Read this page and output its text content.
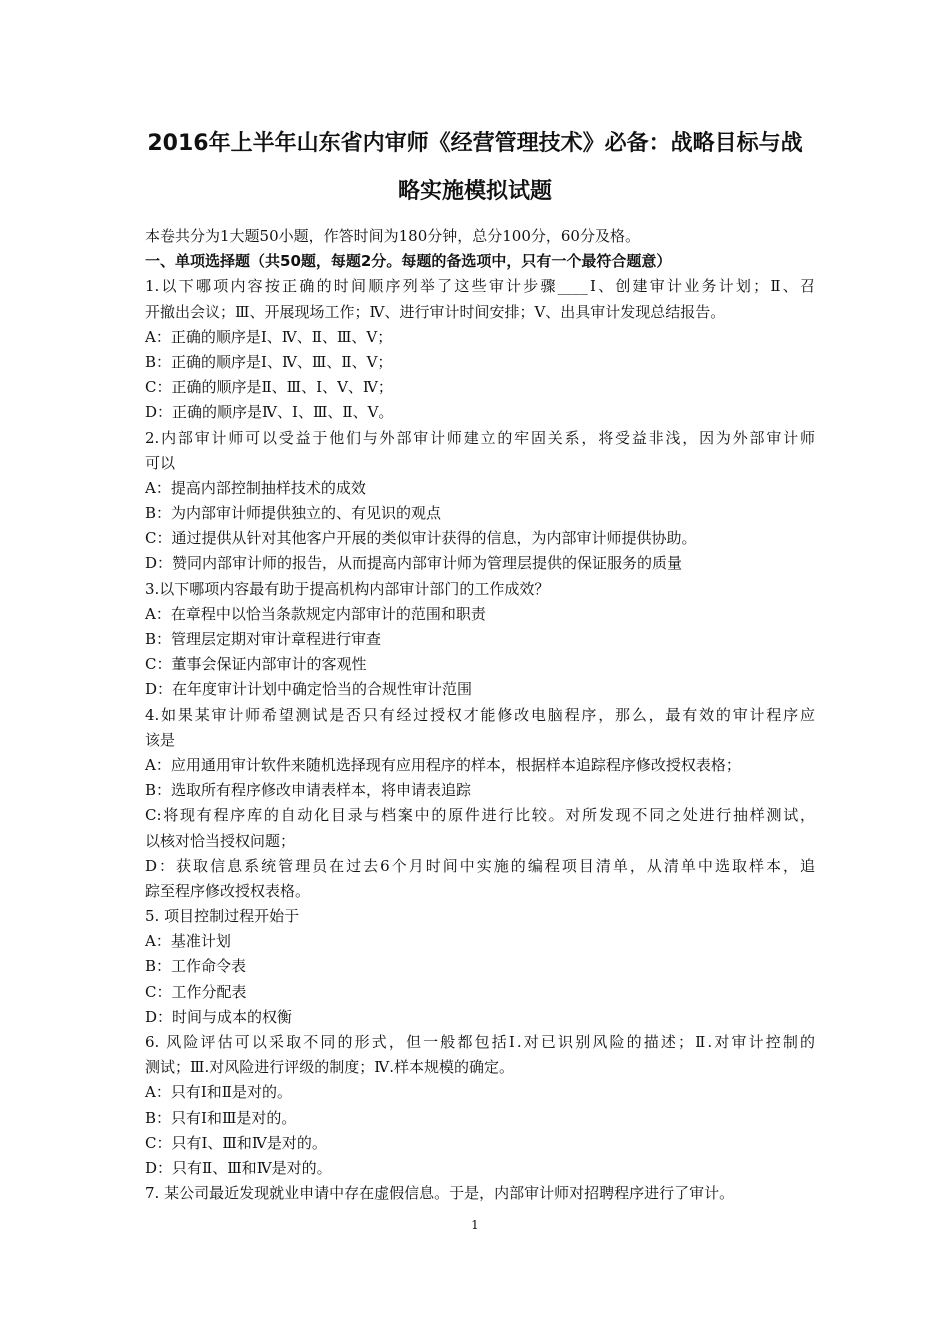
2016年上半年山东省内审师《经营管理技术》必备：战略目标与战
略实施模拟试题
本卷共分为1大题50小题，作答时间为180分钟，总分100分，60分及格。
一、单项选择题（共50题，每题2分。每题的备选项中，只有一个最符合题意）
1.以下哪项内容按正确的时间顺序列举了这些审计步骤____Ⅰ、创建审计业务计划；Ⅱ、召
开撤出会议；Ⅲ、开展现场工作；Ⅳ、进行审计时间安排；Ⅴ、出具审计发现总结报告。
A：正确的顺序是Ⅰ、Ⅳ、Ⅱ、Ⅲ、Ⅴ；
B：正确的顺序是Ⅰ、Ⅳ、Ⅲ、Ⅱ、Ⅴ；
C：正确的顺序是Ⅱ、Ⅲ、Ⅰ、Ⅴ、Ⅳ；
D：正确的顺序是Ⅳ、Ⅰ、Ⅲ、Ⅱ、Ⅴ。
2.内部审计师可以受益于他们与外部审计师建立的牢固关系，将受益非浅，因为外部审计师
可以
A：提高内部控制抽样技术的成效
B：为内部审计师提供独立的、有见识的观点
C：通过提供从针对其他客户开展的类似审计获得的信息，为内部审计师提供协助。
D：赞同内部审计师的报告，从而提高内部审计师为管理层提供的保证服务的质量
3.以下哪项内容最有助于提高机构内部审计部门的工作成效？
A：在章程中以恰当条款规定内部审计的范围和职责
B：管理层定期对审计章程进行审查
C：董事会保证内部审计的客观性
D：在年度审计计划中确定恰当的合规性审计范围
4.如果某审计师希望测试是否只有经过授权才能修改电脑程序，那么，最有效的审计程序应
该是
A：应用通用审计软件来随机选择现有应用程序的样本，根据样本追踪程序修改授权表格；
B：选取所有程序修改申请表样本，将申请表追踪
C:将现有程序库的自动化目录与档案中的原件进行比较。对所发现不同之处进行抽样测试，
以核对恰当授权问题；
D：获取信息系统管理员在过去6个月时间中实施的编程项目清单，从清单中选取样本，追
踪至程序修改授权表格。
5. 项目控制过程开始于
A：基准计划
B：工作命令表
C：工作分配表
D：时间与成本的权衡
6. 风险评估可以采取不同的形式，但一般都包括Ⅰ.对已识别风险的描述；Ⅱ.对审计控制的
测试；Ⅲ.对风险进行评级的制度；Ⅳ.样本规模的确定。
A：只有Ⅰ和Ⅱ是对的。
B：只有Ⅰ和Ⅲ是对的。
C：只有Ⅰ、Ⅲ和Ⅳ是对的。
D：只有Ⅱ、Ⅲ和Ⅳ是对的。
7. 某公司最近发现就业申请中存在虚假信息。于是，内部审计师对招聘程序进行了审计。
1
